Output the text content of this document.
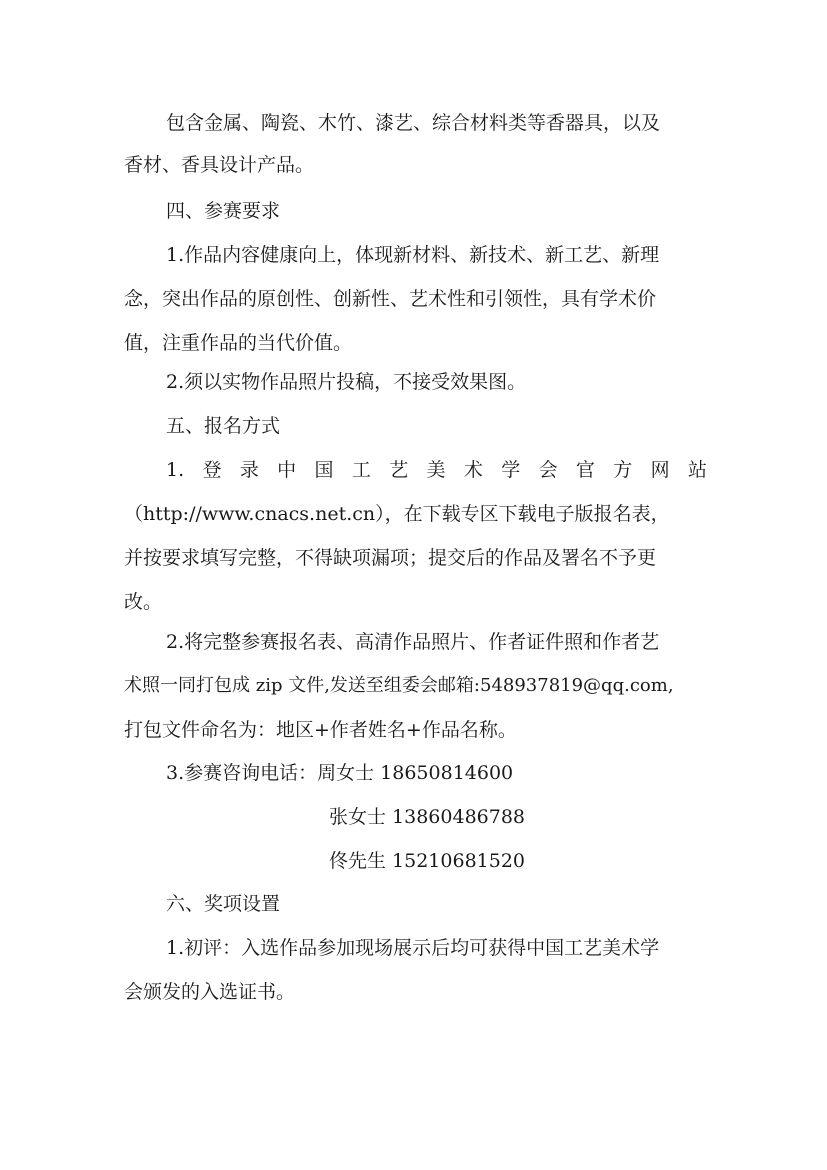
包含金属、陶瓷、木竹、漆艺、综合材料类等香器具，以及

香材、香具设计产品。

四、参赛要求

1.作品内容健康向上，体现新材料、新技术、新工艺、新理

念，突出作品的原创性、创新性、艺术性和引领性，具有学术价

值，注重作品的当代价值。

2.须以实物作品照片投稿，不接受效果图。

五、报名方式

1. 登 录 中 国 工 艺 美 术 学 会 官 方 网 站

（http://www.cnacs.net.cn），在下载专区下载电子版报名表，

并按要求填写完整，不得缺项漏项；提交后的作品及署名不予更

改。

2.将完整参赛报名表、高清作品照片、作者证件照和作者艺

术照一同打包成 zip 文件,发送至组委会邮箱:548937819@qq.com,

打包文件命名为：地区+作者姓名+作品名称。

3.参赛咨询电话：周女士 18650814600

张女士 13860486788

佟先生 15210681520

六、奖项设置

1.初评：入选作品参加现场展示后均可获得中国工艺美术学

会颁发的入选证书。
